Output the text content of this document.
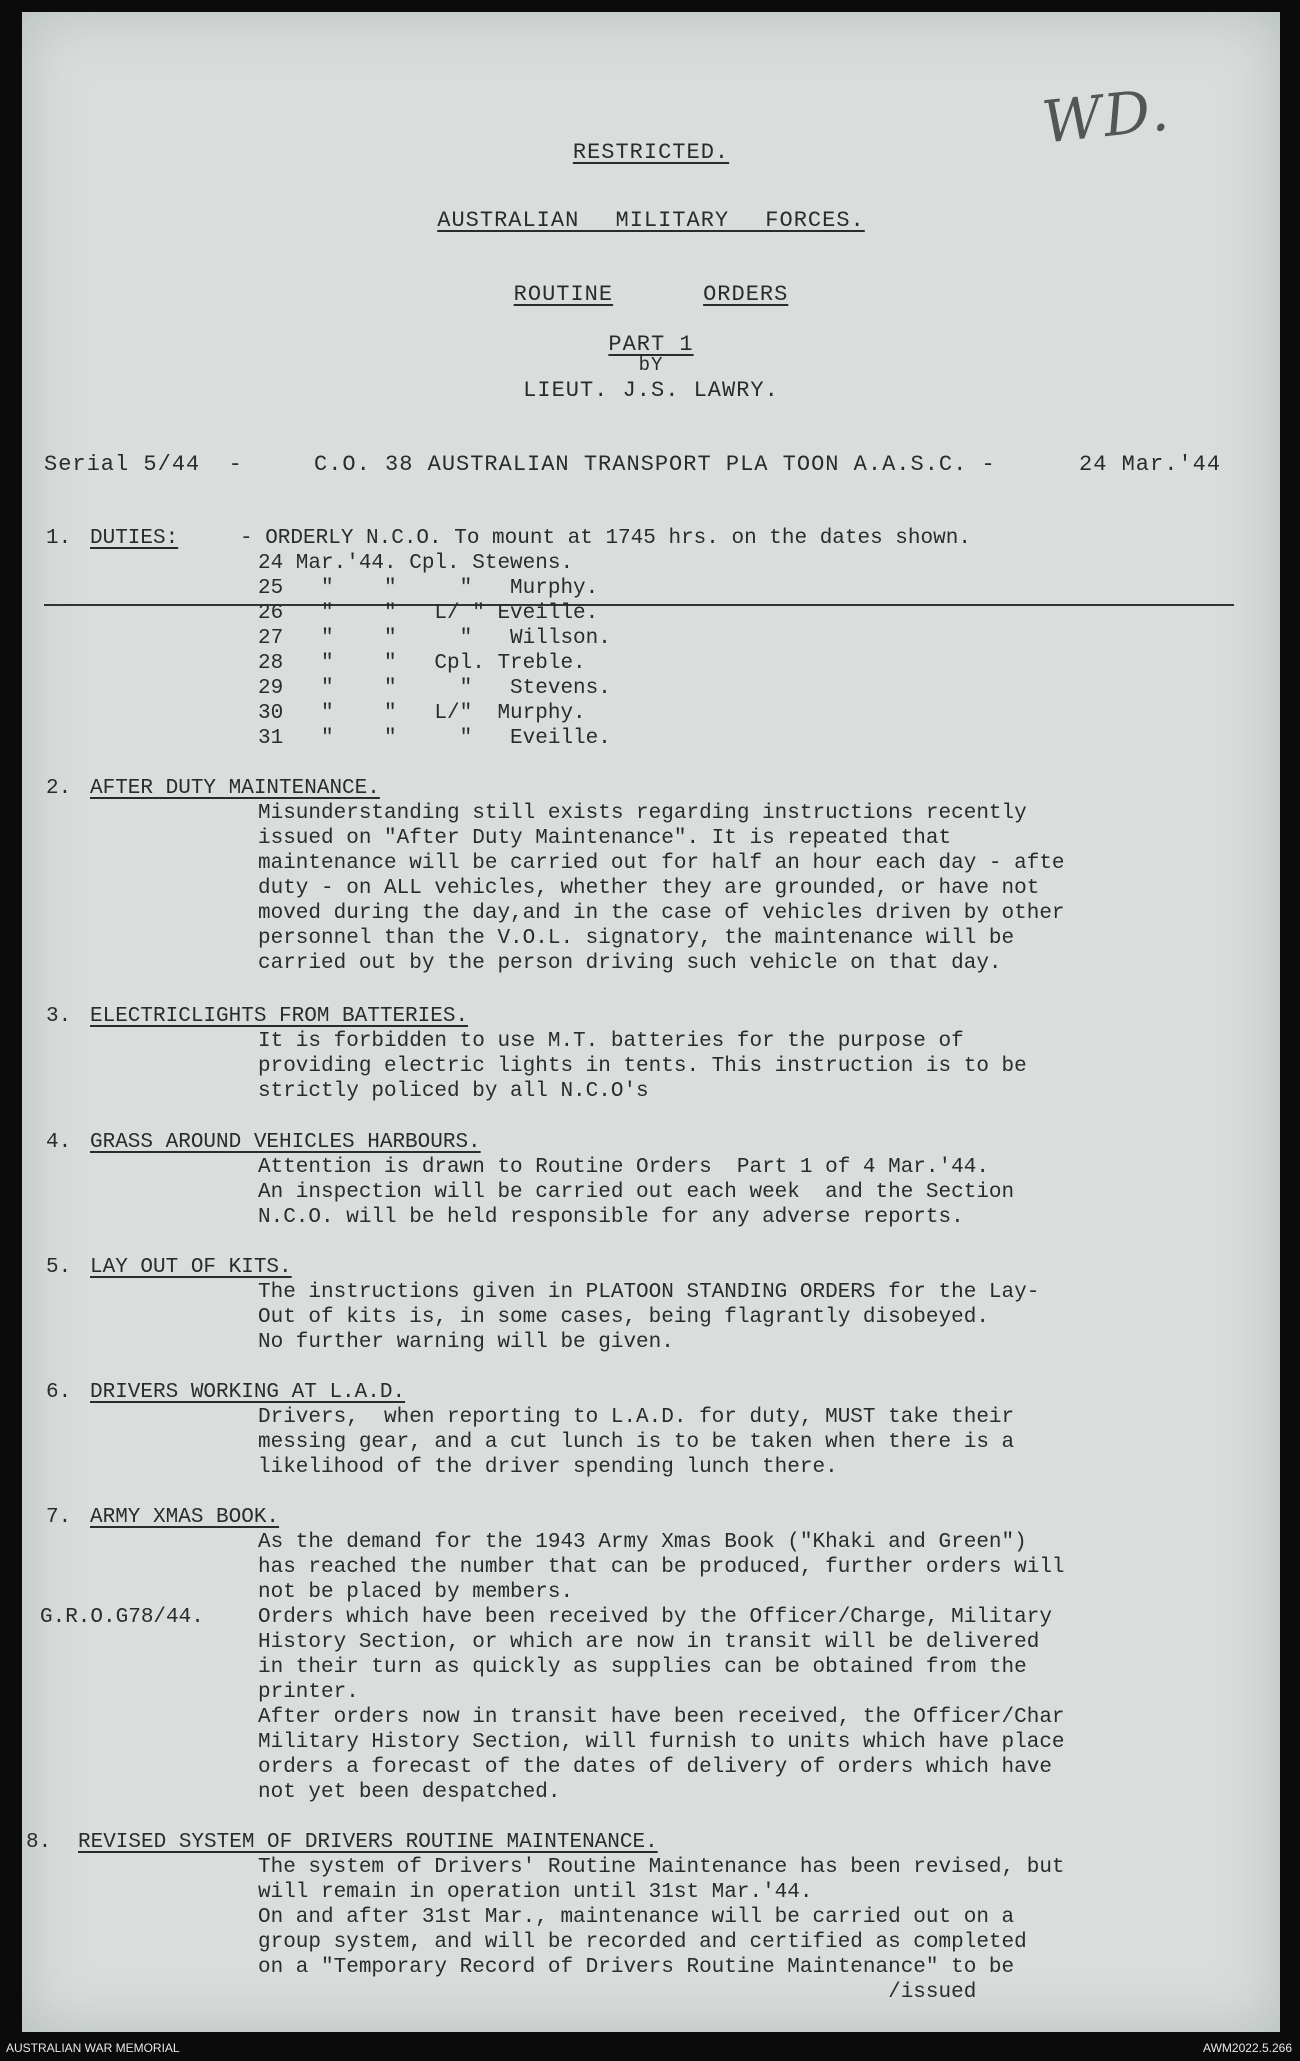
WD.
RESTRICTED.
AUSTRALIAN MILITARY FORCES.
ROUTINE	ORDERS
PART 1
bY
LIEUT. J.S. LAWRY.

Serial 5/44  -

	C.O. 38 AUSTRALIAN TRANSPORT PLA TOON A.A.S.C. -

	24 Mar.'44

1.

DUTIES:

	- ORDERLY N.C.O. To mount at 1745 hrs. on the dates shown.

24 Mar.'44. Cpl. Stewens.

25   "    "     "   Murphy.

26   "    "   L/ " Eveille.

27   "    "     "   Willson.

28   "    "   Cpl. Treble.

29   "    "     "   Stevens.

30   "    "   L/"  Murphy.

31   "    "     "   Eveille.

2.

AFTER DUTY MAINTENANCE.

Misunderstanding still exists regarding instructions recently

issued on "After Duty Maintenance". It is repeated that

maintenance will be carried out for half an hour each day - afte

duty - on ALL vehicles, whether they are grounded, or have not

moved during the day,and in the case of vehicles driven by other

personnel than the V.O.L. signatory, the maintenance will be

carried out by the person driving such vehicle on that day.

3.

ELECTRICLIGHTS FROM BATTERIES.

It is forbidden to use M.T. batteries for the purpose of

providing electric lights in tents. This instruction is to be

strictly policed by all N.C.O's

4.

GRASS AROUND VEHICLES HARBOURS.

Attention is drawn to Routine Orders  Part 1 of 4 Mar.'44.

An inspection will be carried out each week  and the Section

N.C.O. will be held responsible for any adverse reports.

5.

LAY OUT OF KITS.

The instructions given in PLATOON STANDING ORDERS for the Lay-

Out of kits is, in some cases, being flagrantly disobeyed.

No further warning will be given.

6.

DRIVERS WORKING AT L.A.D.

Drivers,  when reporting to L.A.D. for duty, MUST take their

messing gear, and a cut lunch is to be taken when there is a

likelihood of the driver spending lunch there.

7.

ARMY XMAS BOOK.

As the demand for the 1943 Army Xmas Book ("Khaki and Green")

has reached the number that can be produced, further orders will

not be placed by members.

G.R.O.G78/44.

	Orders which have been received by the Officer/Charge, Military

History Section, or which are now in transit will be delivered

in their turn as quickly as supplies can be obtained from the

printer.

After orders now in transit have been received, the Officer/Char

Military History Section, will furnish to units which have place

orders a forecast of the dates of delivery of orders which have

not yet been despatched.

8.

REVISED SYSTEM OF DRIVERS ROUTINE MAINTENANCE.

The system of Drivers' Routine Maintenance has been revised, but

will remain in operation until 31st Mar.'44.

On and after 31st Mar., maintenance will be carried out on a

group system, and will be recorded and certified as completed

on a "Temporary Record of Drivers Routine Maintenance" to be

/issued

AUSTRALIAN WAR MEMORIAL	AWM2022.5.266
